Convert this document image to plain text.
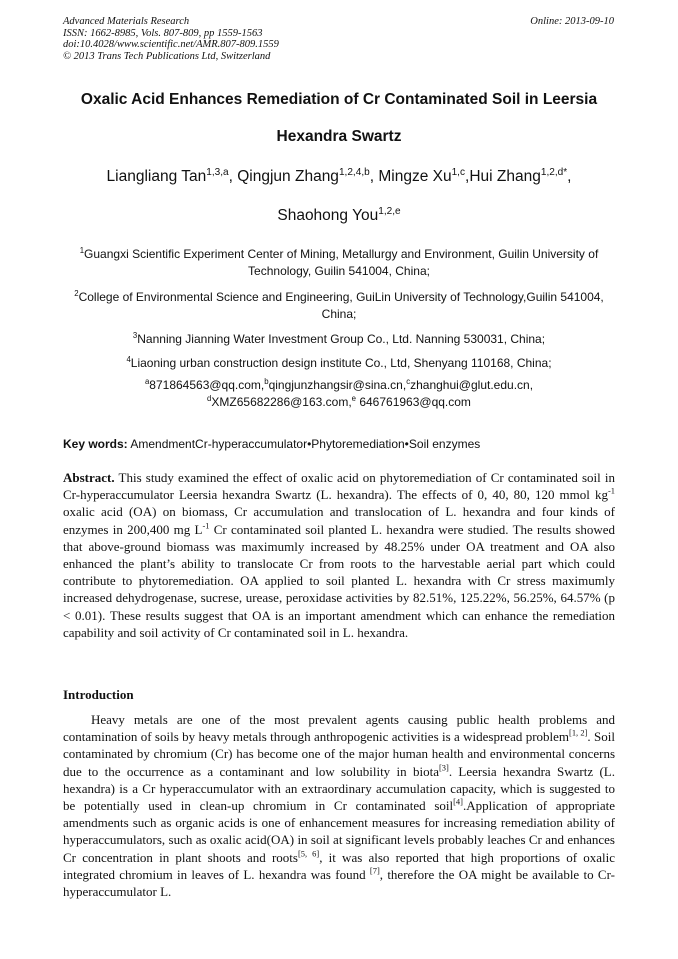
Advanced Materials Research
ISSN: 1662-8985, Vols. 807-809, pp 1559-1563
doi:10.4028/www.scientific.net/AMR.807-809.1559
© 2013 Trans Tech Publications Ltd, Switzerland
Online: 2013-09-10
Oxalic Acid Enhances Remediation of Cr Contaminated Soil in Leersia
Hexandra Swartz
Liangliang Tan$^{1,3,a}$, Qingjun Zhang$^{1,2,4,b}$, Mingze Xu$^{1,c}$,Hui Zhang$^{1,2,d*}$,
Shaohong You$^{1,2,e}$
$^1$Guangxi Scientific Experiment Center of Mining, Metallurgy and Environment, Guilin University of Technology, Guilin 541004, China;
$^2$College of Environmental Science and Engineering, GuiLin University of Technology,Guilin 541004, China;
$^3$Nanning Jianning Water Investment Group Co., Ltd. Nanning 530031, China;
$^4$Liaoning urban construction design institute Co., Ltd, Shenyang 110168, China;
$^a$871864563@qq.com,$^b$qingjunzhangsir@sina.cn,$^c$zhanghui@glut.edu.cn,
$^d$XMZ65682286@163.com,$^e$ 646761963@qq.com
Key words: AmendmentCr-hyperaccumulator•Phytoremediation•Soil enzymes
Abstract. This study examined the effect of oxalic acid on phytoremediation of Cr contaminated soil in Cr-hyperaccumulator Leersia hexandra Swartz (L. hexandra). The effects of 0, 40, 80, 120 mmol $kg^{-1}$ oxalic acid (OA) on biomass, Cr accumulation and translocation of L. hexandra and four kinds of enzymes in 200,400 mg $L^{-1}$ Cr contaminated soil planted L. hexandra were studied. The results showed that above-ground biomass was maximumly increased by 48.25% under OA treatment and OA also enhanced the plant’s ability to translocate Cr from roots to the harvestable aerial part which could contribute to phytoremediation. OA applied to soil planted L. hexandra with Cr stress maximumly increased dehydrogenase, sucrese, urease, peroxidase activities by 82.51%, 125.22%, 56.25%, 64.57% (p < 0.01). These results suggest that OA is an important amendment which can enhance the remediation capability and soil activity of Cr contaminated soil in L. hexandra.
Introduction
Heavy metals are one of the most prevalent agents causing public health problems and contamination of soils by heavy metals through anthropogenic activities is a widespread problem[1, 2]. Soil contaminated by chromium (Cr) has become one of the major human health and environmental concerns due to the occurrence as a contaminant and low solubility in biota[3]. Leersia hexandra Swartz (L. hexandra) is a Cr hyperaccumulator with an extraordinary accumulation capacity, which is suggested to be potentially used in clean-up chromium in Cr contaminated soil[4].Application of appropriate amendments such as organic acids is one of enhancement measures for increasing remediation ability of hyperaccumulators, such as oxalic acid(OA) in soil at significant levels probably leaches Cr and enhances Cr concentration in plant shoots and roots[5, 6], it was also reported that high proportions of oxalic integrated chromium in leaves of L. hexandra was found [7], therefore the OA might be available to Cr-hyperaccumulator L.
